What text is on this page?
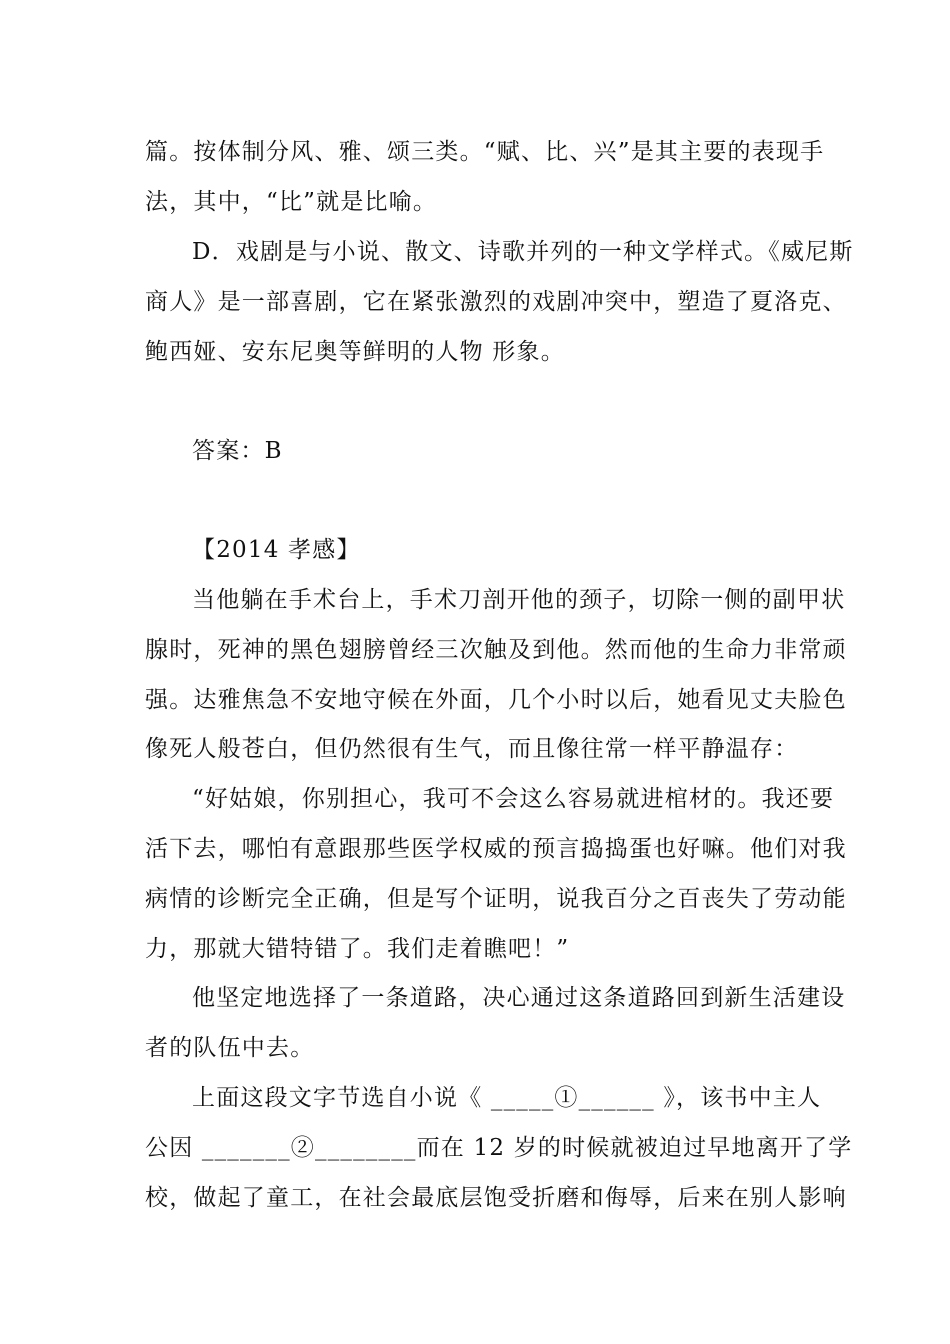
篇。按体制分风、雅、颂三类。“赋、比、兴”是其主要的表现手
法，其中，“比”就是比喻。
D．戏剧是与小说、散文、诗歌并列的一种文学样式。《威尼斯
商人》是一部喜剧，它在紧张激烈的戏剧冲突中，塑造了夏洛克、
鲍西娅、安东尼奥等鲜明的人物 形象。
答案：B
【2014 孝感】
当他躺在手术台上，手术刀剖开他的颈子，切除一侧的副甲状
腺时，死神的黑色翅膀曾经三次触及到他。然而他的生命力非常顽
强。达雅焦急不安地守候在外面，几个小时以后，她看见丈夫脸色
像死人般苍白，但仍然很有生气，而且像往常一样平静温存：
“好姑娘，你别担心，我可不会这么容易就进棺材的。我还要
活下去，哪怕有意跟那些医学权威的预言捣捣蛋也好嘛。他们对我
病情的诊断完全正确，但是写个证明，说我百分之百丧失了劳动能
力，那就大错特错了。我们走着瞧吧！”
他坚定地选择了一条道路，决心通过这条道路回到新生活建设
者的队伍中去。
上面这段文字节选自小说《 _____①______ 》，该书中主人
公因 _______②________而在 12 岁的时候就被迫过早地离开了学
校，做起了童工，在社会最底层饱受折磨和侮辱，后来在别人影响
